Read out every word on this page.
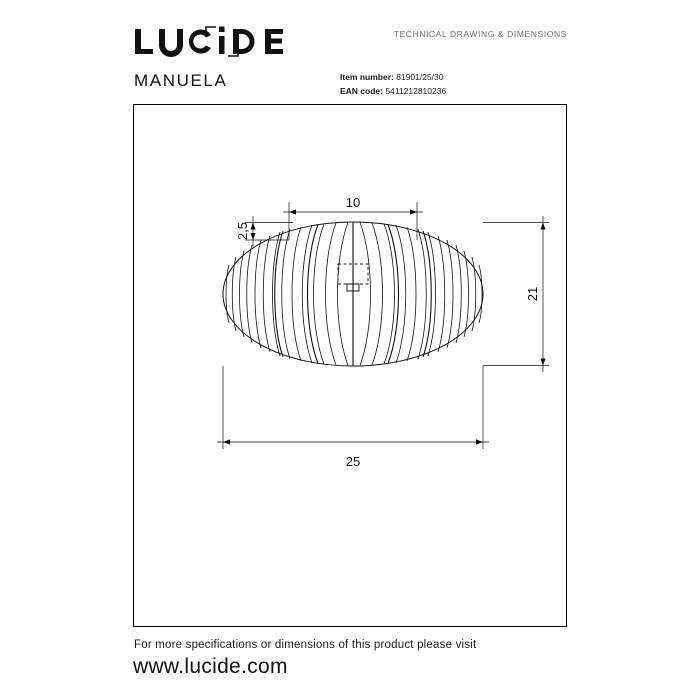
TECHNICAL DRAWING & DIMENSIONS
MANUELA	Item number: 81901/25/30
EAN code: 5411212810236
10
2,5
21
25
For more specifications or dimensions of this product please visit
www.lucide.com
